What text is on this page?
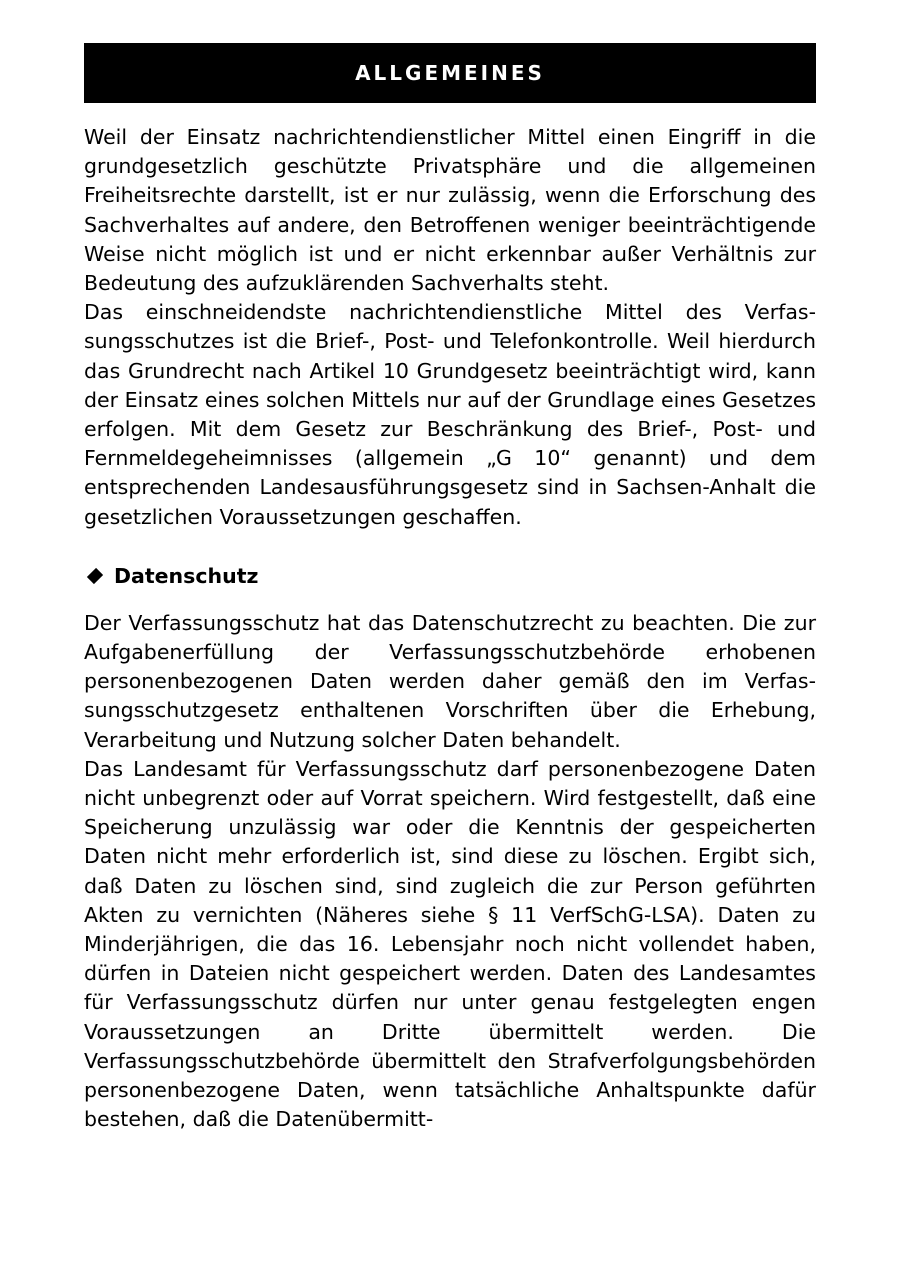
ALLGEMEINES

Weil der Einsatz nachrichtendienstlicher Mittel einen Eingriff in die grundgesetzlich geschützte Privatsphäre und die allgemeinen Freiheitsrechte darstellt, ist er nur zulässig, wenn die Erforschung des Sachverhaltes auf andere, den Betroffenen weniger beeinträchtigende Weise nicht möglich ist und er nicht erkennbar außer Verhältnis zur Bedeutung des aufzuklärenden Sachverhalts steht.

Das einschneidendste nachrichtendienstliche Mittel des Verfassungsschutzes ist die Brief-, Post- und Telefonkontrolle. Weil hierdurch das Grundrecht nach Artikel 10 Grundgesetz beeinträchtigt wird, kann der Einsatz eines solchen Mittels nur auf der Grundlage eines Gesetzes erfolgen. Mit dem Gesetz zur Beschränkung des Brief-, Post- und Fernmeldegeheimnisses (allgemein „G 10“ genannt) und dem entsprechenden Landesausführungsgesetz sind in Sachsen-Anhalt die gesetzlichen Voraussetzungen geschaffen.

Datenschutz

Der Verfassungsschutz hat das Datenschutzrecht zu beachten. Die zur Aufgabenerfüllung der Verfassungsschutzbehörde erhobenen personenbezogenen Daten werden daher gemäß den im Verfassungsschutzgesetz enthaltenen Vorschriften über die Erhebung, Verarbeitung und Nutzung solcher Daten behandelt.

Das Landesamt für Verfassungsschutz darf personenbezogene Daten nicht unbegrenzt oder auf Vorrat speichern. Wird festgestellt, daß eine Speicherung unzulässig war oder die Kenntnis der gespeicherten Daten nicht mehr erforderlich ist, sind diese zu löschen. Ergibt sich, daß Daten zu löschen sind, sind zugleich die zur Person geführten Akten zu vernichten (Näheres siehe § 11 VerfSchG-LSA). Daten zu Minderjährigen, die das 16. Lebensjahr noch nicht vollendet haben, dürfen in Dateien nicht gespeichert werden. Daten des Landesamtes für Verfassungsschutz dürfen nur unter genau festgelegten engen Voraussetzungen an Dritte übermittelt werden. Die Verfassungsschutzbehörde übermittelt den Strafverfolgungsbehörden personenbezogene Daten, wenn tatsächliche Anhaltspunkte dafür bestehen, daß die Datenübermitt-
